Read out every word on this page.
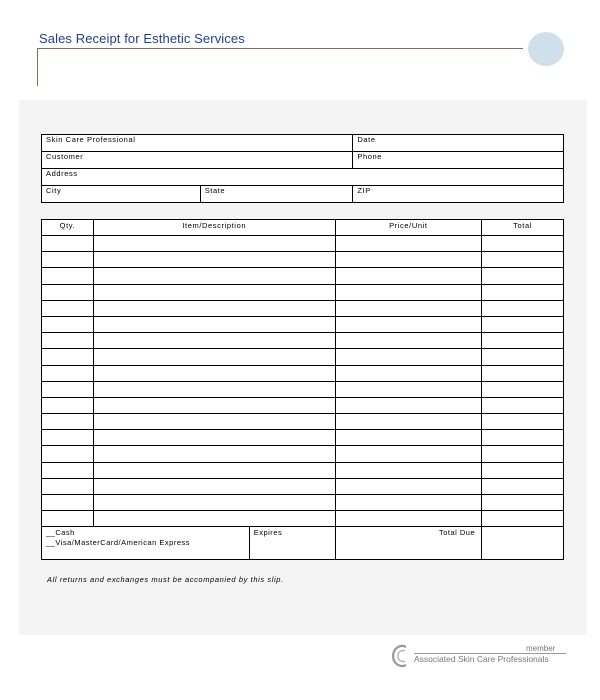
Sales Receipt for Esthetic Services
Skin Care Professional		Date
Customer		Phone
Address		
City	State	ZIP
Qty.	Item/Description		Price/Unit	Total

__Cash
__Visa/MasterCard/American Express		Expires	Total Due	
All returns and exchanges must be accompanied by this slip.
member
Associated Skin Care Professionals
